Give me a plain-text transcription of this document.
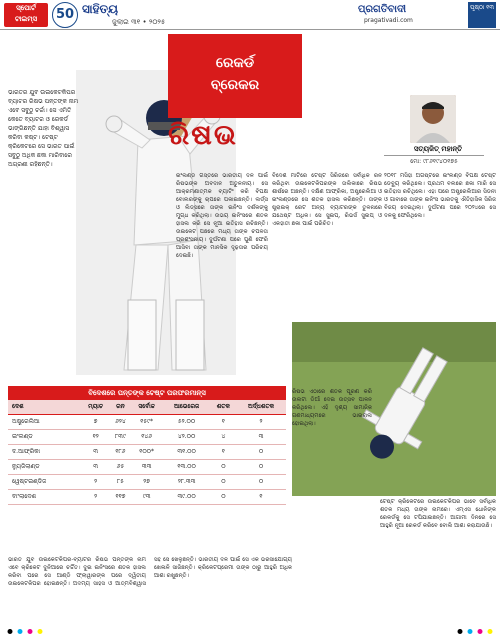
ସ୍ପୋର୍ଟ
ଟାଇମ୍ସ	50 ସାହିତ୍ୟ
ଜୁଲାଇ ୩୧ • ୨୦୨୫
ପ୍ରଗତିବାଦୀ
pragativadi.com
ପୃଷ୍ଠା ୧୩
ଭାରତର ଯୁବ ଉଇକେଟକିପର ବ୍ୟାଟର ରିଷଭ ପନ୍ତଙ୍କ ନାମ ଏବେ ସବୁଠୁ ଚର୍ଚ୍ଚା। ସେ ଏମିତି କେତେ ବ୍ୟାଟର ଓ ରେକର୍ଡ ଭାଙ୍ଗିଛନ୍ତି ଯାହା ବିଶ୍ୱାସ କରିବା କଷ୍ଟ। ଟେଷ୍ଟ କ୍ରିକେଟରେ ସେ ଭାରତ ପାଇଁ ସବୁଠୁ ଅଧିକ ଛକା ମାରିବାରେ ଅଗ୍ରଣୀ ରହିଛନ୍ତି।
ରେକର୍ଡ
ବ୍ରେକର
ରିଷଭ	ସତ୍ୟଜିତ୍ ମହାନ୍ତି
ମୋ: ୯୮୬୧୯୪୦୧୭୫
ଇଂଲଣ୍ଡ ଗସ୍ତରେ ଭାରତୀୟ ଦଳ ପାଇଁ ରିଷଭଙ୍କ ଅବଦାନ ଅତୁଳନୀୟ। ସେ ଆକ୍ରମଣାତ୍ମକ ବ୍ୟାଟିଂ କରି ବିପକ୍ଷ ବୋଲରଙ୍କୁ ଚାପରେ ପକାଇଛନ୍ତି। ଲର୍ଡ୍ସ ଓ ଲିଡ୍ସରେ ତାଙ୍କ ଇନିଂସ ଦର୍ଶକଙ୍କୁ ମୁଗ୍ଧ କରିଥିଲା। ଉଭୟ ଇନିଂସରେ ଶତକ ହାସଲ କରି ସେ ନୂଆ ଇତିହାସ ରଚିଛନ୍ତି। ଉଇକେଟ ପଛରେ ମଧ୍ୟ ତାଙ୍କ ଚପଳତା ପ୍ରଶଂସନୀୟ। ଦୁର୍ଘଟଣା ପରେ ପୁଣି ଫେରି ଆସିବା ତାଙ୍କ ମାନସିକ ଦୃଢ଼ତାର ପରିଚୟ ଦେଇଛି।
ବିଦେଶ ମାଟିରେ ଟେଷ୍ଟ ସିରିଜରେ ସର୍ବାଧିକ ରନ କରିଥିବା ଉଇକେଟକିପରଙ୍କ ତାଲିକାରେ ରିଷଭ ଶୀର୍ଷରେ ଅଛନ୍ତି। ଦକ୍ଷିଣ ଆଫ୍ରିକା, ଅଷ୍ଟ୍ରେଲିଆ ଓ ଇଂଲଣ୍ଡରେ ସେ ଶତକ ହାସଲ କରିଛନ୍ତି। ତାଙ୍କ ଷ୍ଟ୍ରାଇକ୍ ରେଟ ଅନ୍ୟ ବ୍ୟାଟରଙ୍କ ତୁଳନାରେ ଯଥେଷ୍ଟ ଅଧିକ। ସେ ସୁଇପ୍, ରିଭର୍ସ ସୁଇପ୍ ଓ ଏକହାତୀ ଛକା ପାଇଁ ପରିଚିତ।
୨୦୧୮ ମସିହା ଅଗଷ୍ଟରେ ଇଂଲଣ୍ଡ ବିପକ୍ଷ ଟେଷ୍ଟ ଡେବ୍ୟୁ କରିଥିଲେ। ପ୍ରଥମ ବଲରେ ଛକା ମାରି ସେ ଇତିହାସ ରଚିଥିଲେ। ଏହା ପରେ ଅଷ୍ଟ୍ରେଲିଆର ସିଡନୀ ଓ ଗାବାରେ ତାଙ୍କ ଇନିଂସ ଭାରତକୁ ଐତିହାସିକ ସିରିଜ ବିଜୟ ଦେଇଥିଲା। ଦୁର୍ଘଟଣା ପରେ ୨୦୨୪ରେ ସେ ଦଳକୁ ଫେରିଥିଲେ।
ରିଷଭ ଏଠାରେ ଶତକ ପୂରଣ କରି ଉଲଟା ଡିଆଁ ଦେଇ ଉତ୍ସବ ପାଳନ କରିଥିଲେ। ଏହି ଦୃଶ୍ୟ ସାମାଜିକ ଗଣମାଧ୍ୟମରେ ଭାଇରାଲ ହୋଇଥିଲା।
ଟେଷ୍ଟ କ୍ରିକେଟରେ ଉଇକେଟକିପର ଭାବେ ସର୍ବାଧିକ ଶତକ ମଧ୍ୟ ତାଙ୍କ ନାମରେ। ଏମ୍ଏସ ଧୋନିଙ୍କ ରେକର୍ଡକୁ ସେ ଟପିଯାଇଛନ୍ତି। ଆଗାମୀ ଦିନରେ ସେ ଆହୁରି ନୂଆ ରେକର୍ଡ କରିବେ ବୋଲି ଆଶା କରାଯାଉଛି।
ବିଦେଶରେ ପନ୍ତଙ୍କ ଟେଷ୍ଟ ପରଫରମାନ୍ସ
ଦେଶ	ମ୍ୟାଚ	ରନ	ସର୍ବୋଚ୍ଚ	ଆଭେରେଜ	ଶତକ	ଅର୍ଦ୍ଧଶତକ
ଅଷ୍ଟ୍ରେଲିଆ	୭	୬୨୪	୧୫୯*	୫୨.୦୦	୧	୨
ଇଂଲଣ୍ଡ	୧୨	୮୩୯	୧୪୬	୪୨.୦୦	୪	୩
ଦ.ଆଫ୍ରିକା	୩	୧୮୬	୧୦୦*	୩୧.୦୦	୧	୦
ନ୍ୟୁଜିଲାଣ୍ଡ	୩	୬୫	୩୩	୧୩.୦୦	୦	୦
ୱେଷ୍ଟଇଣ୍ଡିଜ	୨	୮୫	୨୭	୨୮.୩୩	୦	୦
ବାଂଲାଦେଶ	୨	୧୧୭	୯୩	୩୯.୦୦	୦	୧
ଭାରତ ଯୁବ ଉଇକେଟକିପର-ବ୍ୟାଟର ରିଷଭ ପନ୍ତଙ୍କ ନାମ ଏବେ କ୍ରିକେଟ ଦୁନିଆରେ ଚର୍ଚ୍ଚିତ। ଦୁଇ ଇନିଂସରେ ଶତକ ହାସଲ କରିବା ପରେ ସେ ଆଣ୍ଡି ଫ୍ଲାୱାରଙ୍କ ପରେ ଦ୍ୱିତୀୟ ଉଇକେଟକିପର ହୋଇଛନ୍ତି। ଅଦମ୍ୟ ସାହସ ଓ ଆତ୍ମବିଶ୍ୱାସ ସହ ସେ ଖେଳୁଛନ୍ତି। ଭାରତୀୟ ଦଳ ପାଇଁ ସେ ଏକ ଭରସାଯୋଗ୍ୟ ଖେଳାଳି ସାଜିଛନ୍ତି। କ୍ରିକେଟପ୍ରେମୀ ତାଙ୍କ ଠାରୁ ଆହୁରି ଅଧିକ ଆଶା ରଖୁଛନ୍ତି।
